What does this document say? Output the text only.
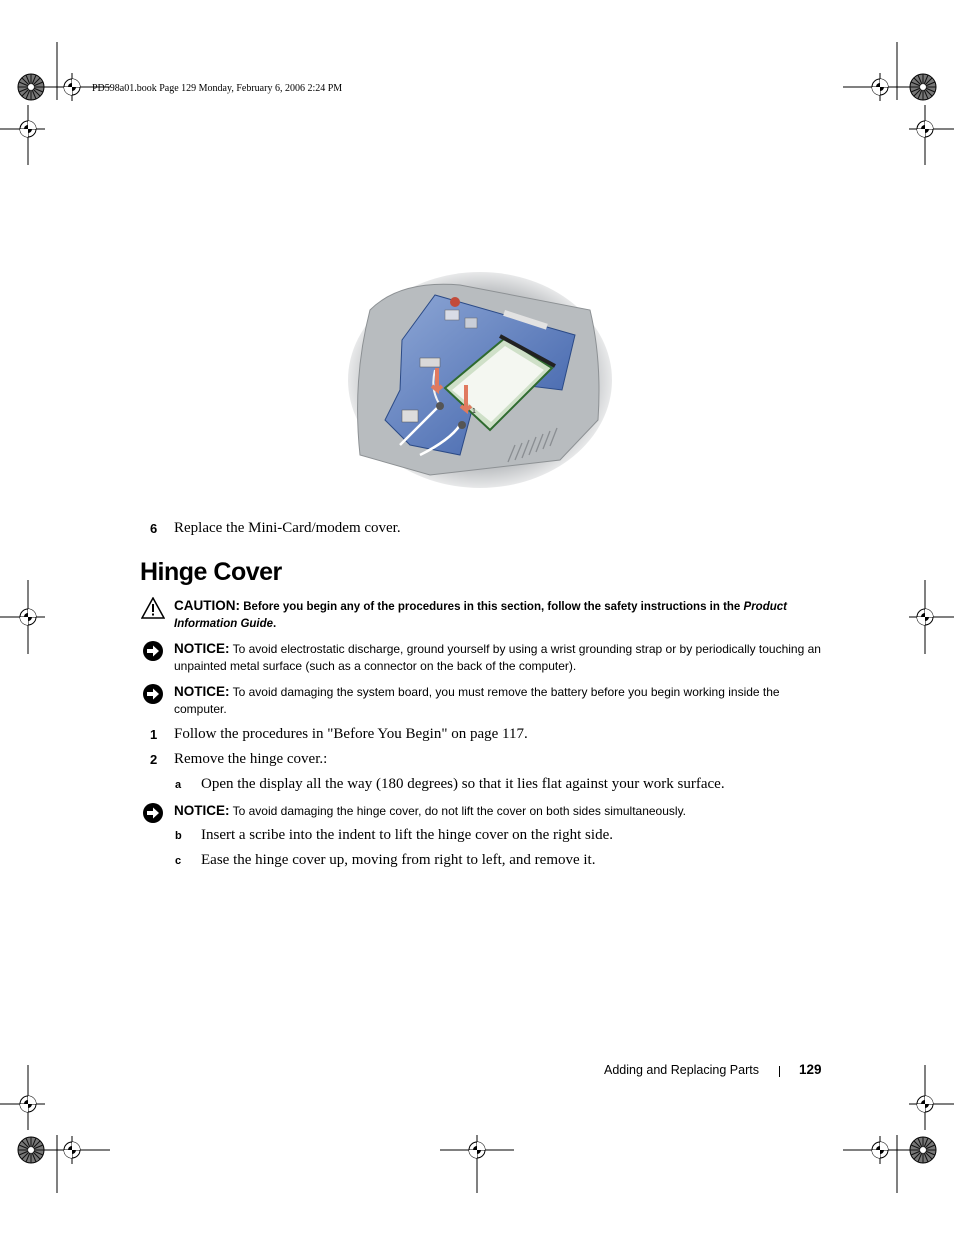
PD598a01.book Page 129 Monday, February 6, 2006 2:24 PM
1
6 Replace the Mini-Card/modem cover.
Hinge Cover
CAUTION: Before you begin any of the procedures in this section, follow the safety instructions in the Product Information Guide.
NOTICE: To avoid electrostatic discharge, ground yourself by using a wrist grounding strap or by periodically touching an unpainted metal surface (such as a connector on the back of the computer).
NOTICE: To avoid damaging the system board, you must remove the battery before you begin working inside the computer.
1 Follow the procedures in "Before You Begin" on page 117.
2 Remove the hinge cover.:
a Open the display all the way (180 degrees) so that it lies flat against your work surface.
NOTICE: To avoid damaging the hinge cover, do not lift the cover on both sides simultaneously.
b Insert a scribe into the indent to lift the hinge cover on the right side.
c Ease the hinge cover up, moving from right to left, and remove it.
Adding and Replacing Parts	129
